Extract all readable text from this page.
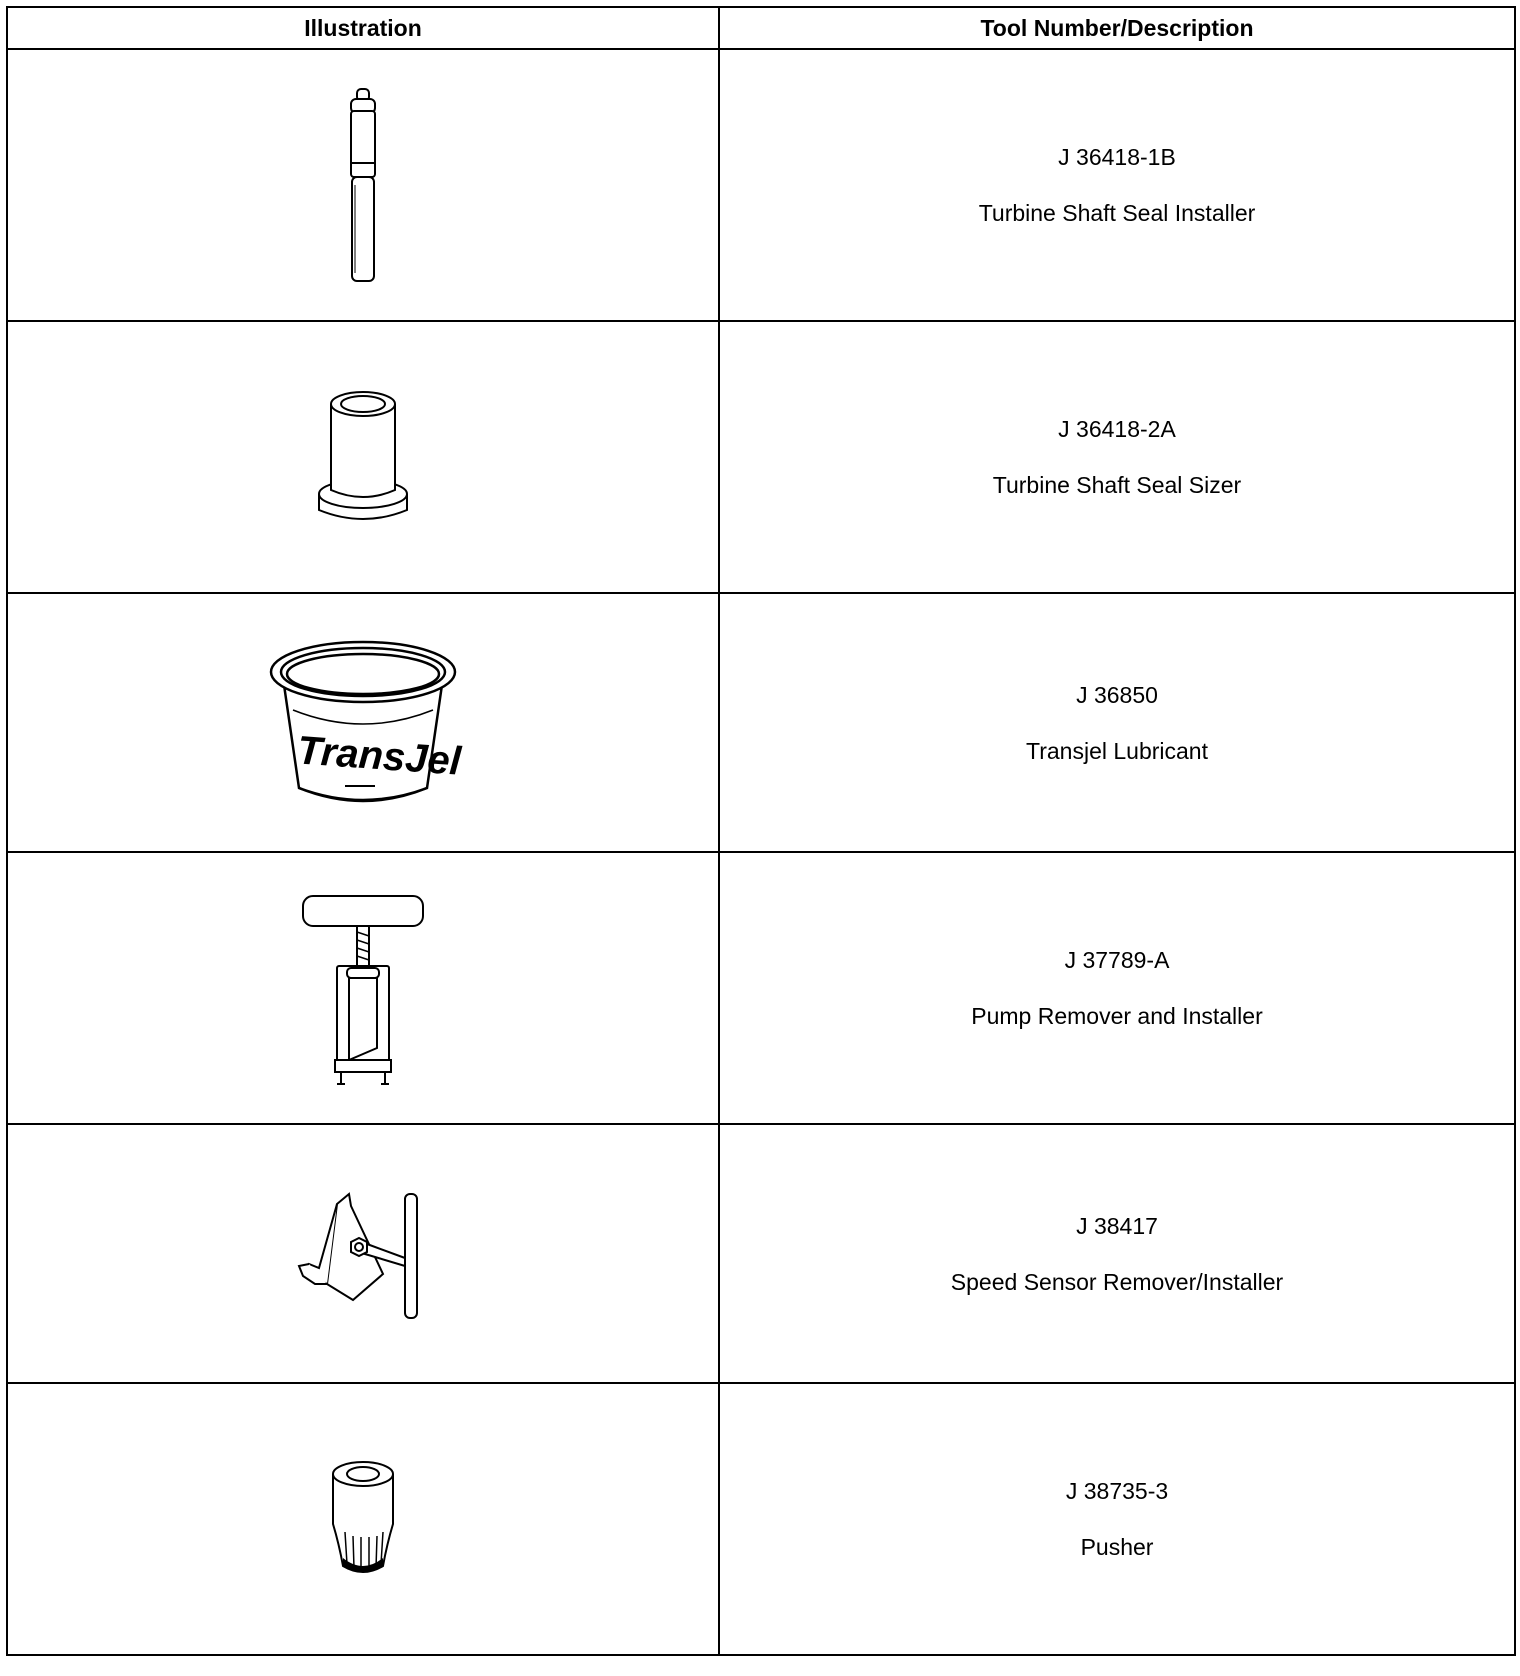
Illustration	Tool Number/Description

J 36418-1B
Turbine Shaft Seal Installer

J 36418-2A
Turbine Shaft Seal Sizer

TransJel	J 36850
Transjel Lubricant

J 37789-A
Pump Remover and Installer

J 38417
Speed Sensor Remover/Installer

J 38735-3
Pusher
